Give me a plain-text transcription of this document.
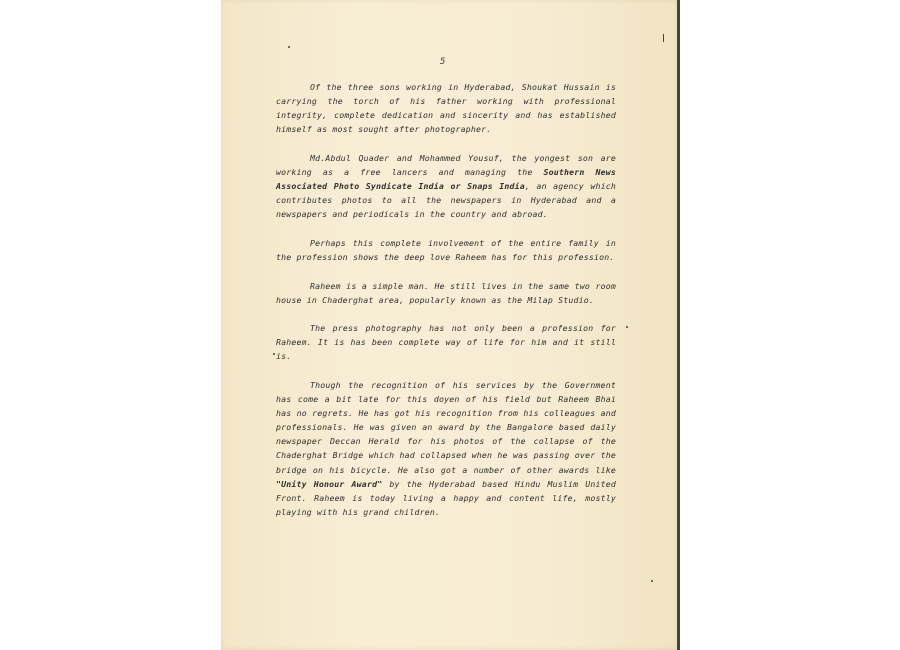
5

Of the three sons working in Hyderabad, Shoukat Hussain is carrying the torch of his father working with professional integrity, complete dedication and sincerity and has established himself as most sought after photographer.

Md.Abdul Quader and Mohammed Yousuf, the yongest son are working as a free lancers and managing the Southern News Associated Photo Syndicate India or Snaps India, an agency which contributes photos to all the newspapers in Hyderabad and a newspapers and periodicals in the country and abroad.

Perhaps this complete involvement of the entire family in the profession shows the deep love Raheem has for this profession.

Raheem is a simple man. He still lives in the same two room house in Chaderghat area, popularly known as the Milap Studio.

The press photography has not only been a profession for Raheem. It is has been complete way of life for him and it still is.

Though the recognition of his services by the Government has come a bit late for this doyen of his field but Raheem Bhai has no regrets. He has got his recognition from his colleagues and professionals. He was given an award by the Bangalore based daily newspaper Deccan Herald for his photos of the collapse of the Chaderghat Bridge which had collapsed when he was passing over the bridge on his bicycle. He also got a number of other awards like "Unity Honour Award" by the Hyderabad based Hindu Muslim United Front. Raheem is today living a happy and content life, mostly playing with his grand children.
